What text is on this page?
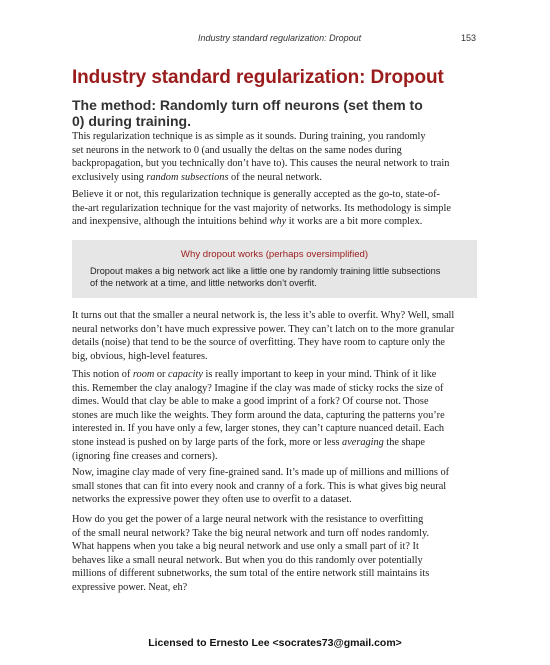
Industry standard regularization: Dropout	153
Industry standard regularization: Dropout
The method: Randomly turn off neurons (set them to 0) during training.
This regularization technique is as simple as it sounds. During training, you randomly
set neurons in the network to 0 (and usually the deltas on the same nodes during
backpropagation, but you technically don’t have to). This causes the neural network to train
exclusively using random subsections of the neural network.
Believe it or not, this regularization technique is generally accepted as the go-to, state-of-
the-art regularization technique for the vast majority of networks. Its methodology is simple
and inexpensive, although the intuitions behind why it works are a bit more complex.
Why dropout works (perhaps oversimplified)
Dropout makes a big network act like a little one by randomly training little subsections
of the network at a time, and little networks don’t overfit.
It turns out that the smaller a neural network is, the less it’s able to overfit. Why? Well, small
neural networks don’t have much expressive power. They can’t latch on to the more granular
details (noise) that tend to be the source of overfitting. They have room to capture only the
big, obvious, high-level features.
This notion of room or capacity is really important to keep in your mind. Think of it like
this. Remember the clay analogy? Imagine if the clay was made of sticky rocks the size of
dimes. Would that clay be able to make a good imprint of a fork? Of course not. Those
stones are much like the weights. They form around the data, capturing the patterns you’re
interested in. If you have only a few, larger stones, they can’t capture nuanced detail. Each
stone instead is pushed on by large parts of the fork, more or less averaging the shape
(ignoring fine creases and corners).
Now, imagine clay made of very fine-grained sand. It’s made up of millions and millions of
small stones that can fit into every nook and cranny of a fork. This is what gives big neural
networks the expressive power they often use to overfit to a dataset.
How do you get the power of a large neural network with the resistance to overfitting
of the small neural network? Take the big neural network and turn off nodes randomly.
What happens when you take a big neural network and use only a small part of it? It
behaves like a small neural network. But when you do this randomly over potentially
millions of different subnetworks, the sum total of the entire network still maintains its
expressive power. Neat, eh?
Licensed to Ernesto Lee <socrates73@gmail.com>
